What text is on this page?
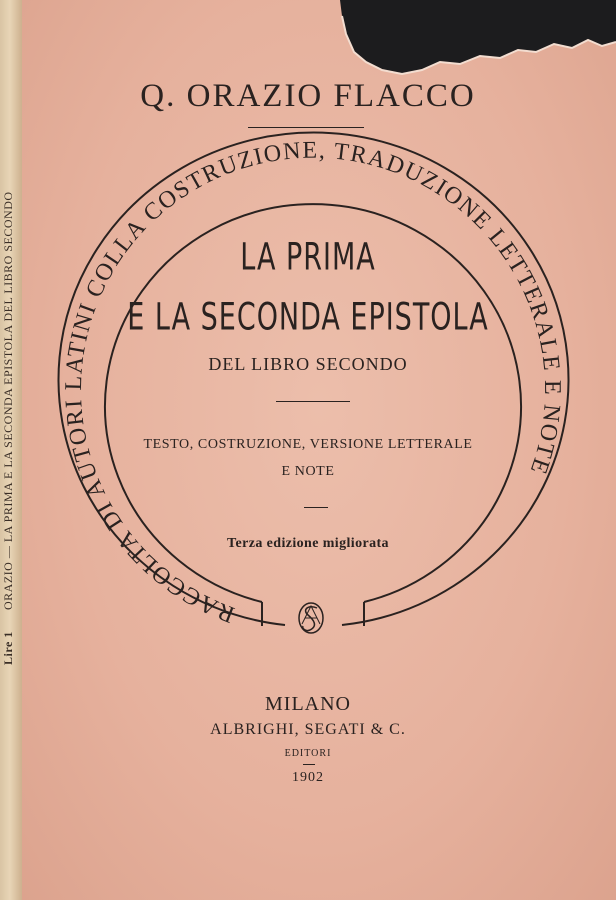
Lire 1
ORAZIO — LA PRIMA E LA SECONDA EPISTOLA DEL LIBRO SECONDO
Q. ORAZIO FLACCO
RACCOLTA DI AUTORI LATINI COLLA COSTRUZIONE, TRADUZIONE LETTERALE E NOTE
LA PRIMA
E LA SECONDA EPISTOLA
DEL LIBRO SECONDO
TESTO, COSTRUZIONE, VERSIONE LETTERALE
E NOTE
Terza edizione migliorata
MILANO
ALBRIGHI, SEGATI & C.
EDITORI
1902
